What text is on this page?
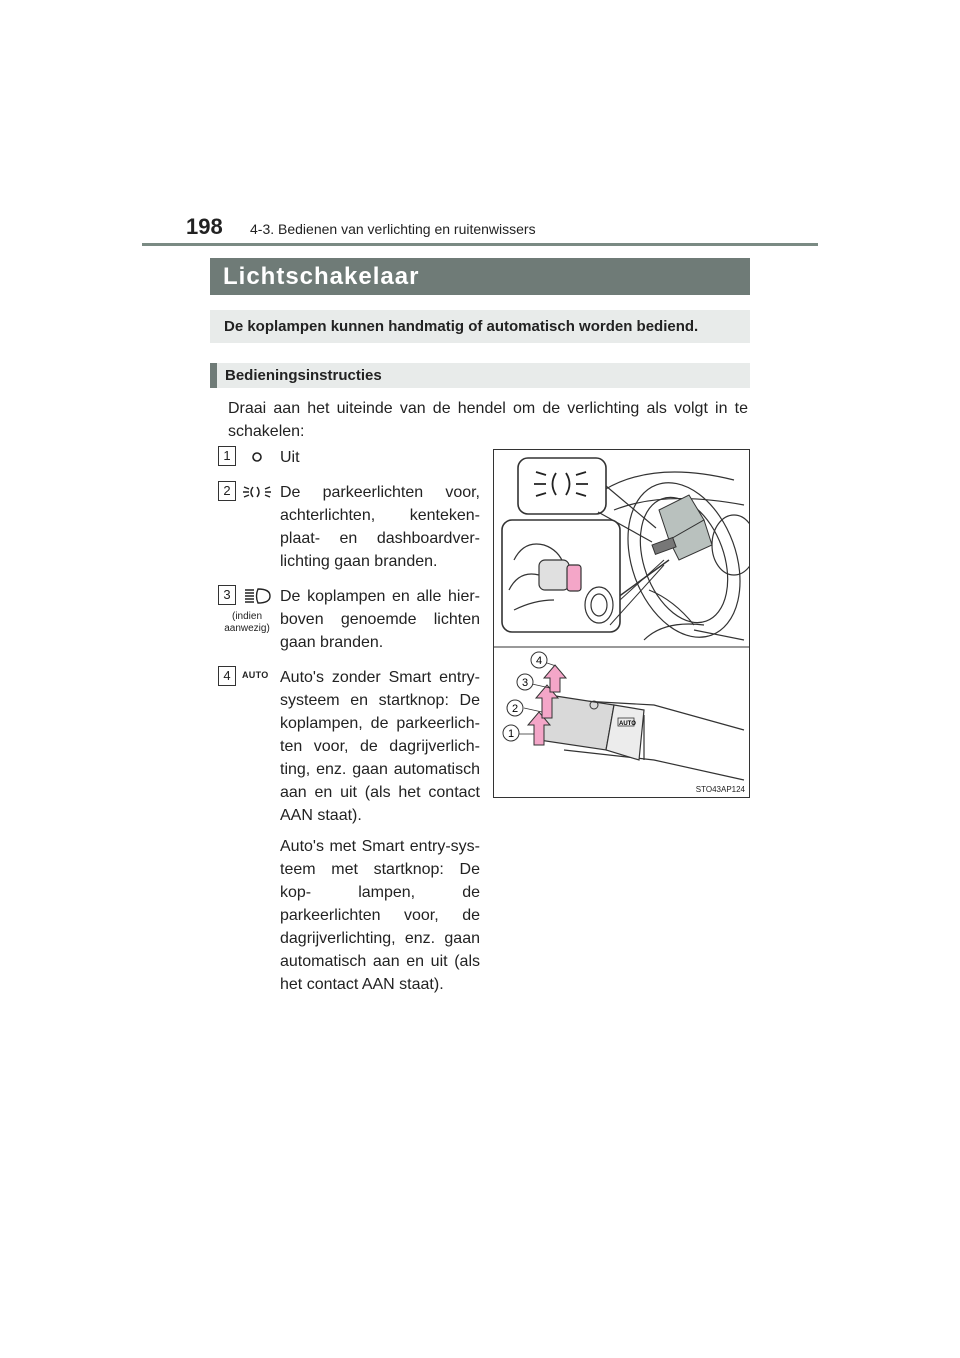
198 4-3. Bedienen van verlichting en ruitenwissers
Lichtschakelaar
De koplampen kunnen handmatig of automatisch worden bediend.
Bedieningsinstructies
Draai aan het uiteinde van de hendel om de verlichting als volgt in te schakelen:
1	Uit

2	De parkeerlichten voor, achterlichten, kenteken- plaat- en dashboardver- lichting gaan branden.

3
(indien aanwezig)

De koplampen en alle hier- boven genoemde lichten gaan branden.

4	AUTO Auto's zonder Smart entry- systeem en startknop: De koplampen, de parkeerlich- ten voor, de dagrijverlich- ting, enz. gaan automatisch aan en uit (als het contact AAN staat).

Auto's met Smart entry-sys- teem met startknop: De kop- lampen, de parkeerlichten voor, de dagrijverlichting, enz. gaan automatisch aan en uit (als het contact AAN staat).

AUTO
1
2
3
4
STO43AP124
